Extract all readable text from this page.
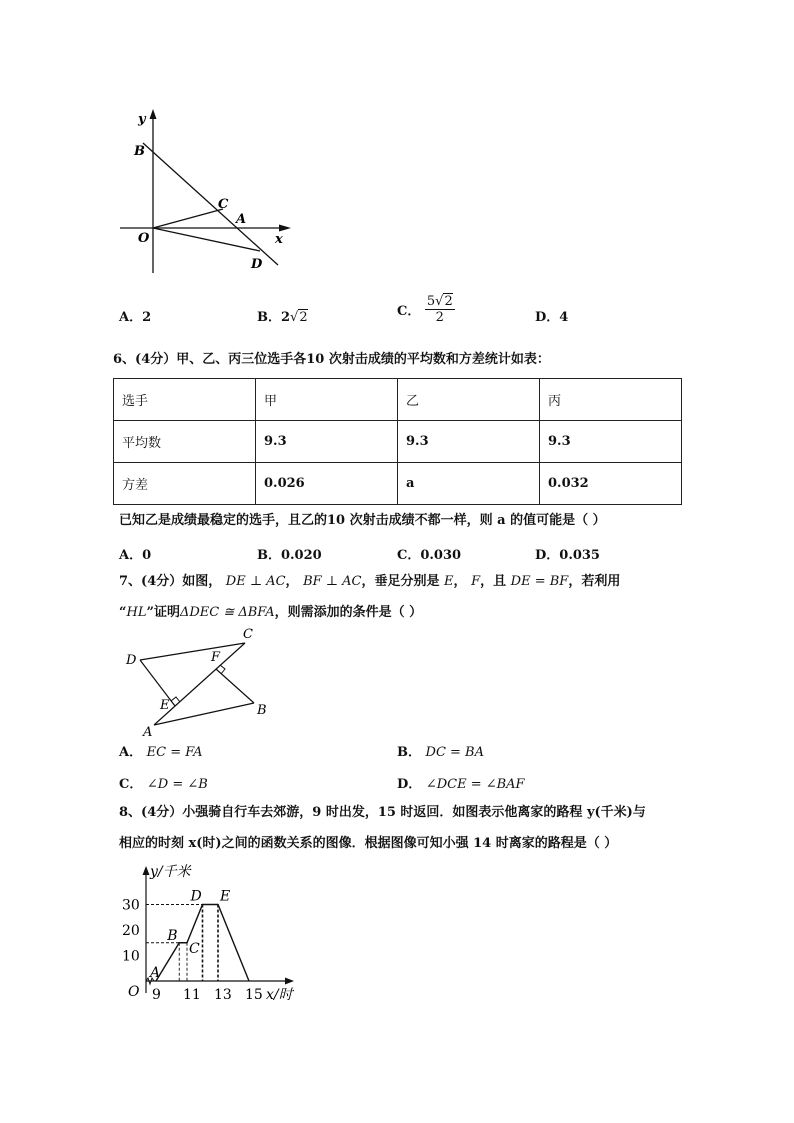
y
B
C
A
x
O
D
A．2	B．2√2	C． $\frac{5√2}{2}$	D．4
6、(4分）甲、乙、丙三位选手各10 次射击成绩的平均数和方差统计如表：
选手	甲	乙	丙
平均数	9.3	9.3	9.3
方差	0.026	a	0.032
已知乙是成绩最稳定的选手，且乙的10 次射击成绩不都一样，则 a 的值可能是（ ）
A．0	B．0.020	C．0.030	D．0.035
7、(4分）如图， DE ⊥ AC， BF ⊥ AC，垂足分别是 E， F，且 DE = BF，若利用
“HL”证明ΔDEC ≅ ΔBFA，则需添加的条件是（ ）
C
D	F
E
A
B
A． EC = FA	B． DC = BA
C． ∠D = ∠B	D． ∠DCE = ∠BAF
8、(4分）小强骑自行车去郊游，9 时出发，15 时返回．如图表示他离家的路程 y(千米)与
相应的时刻 x(时)之间的函数关系的图像．根据图像可知小强 14 时离家的路程是（ ）
9 11 13 15
10
20
30
A
B
C
D E
y/千米
x/时
O
